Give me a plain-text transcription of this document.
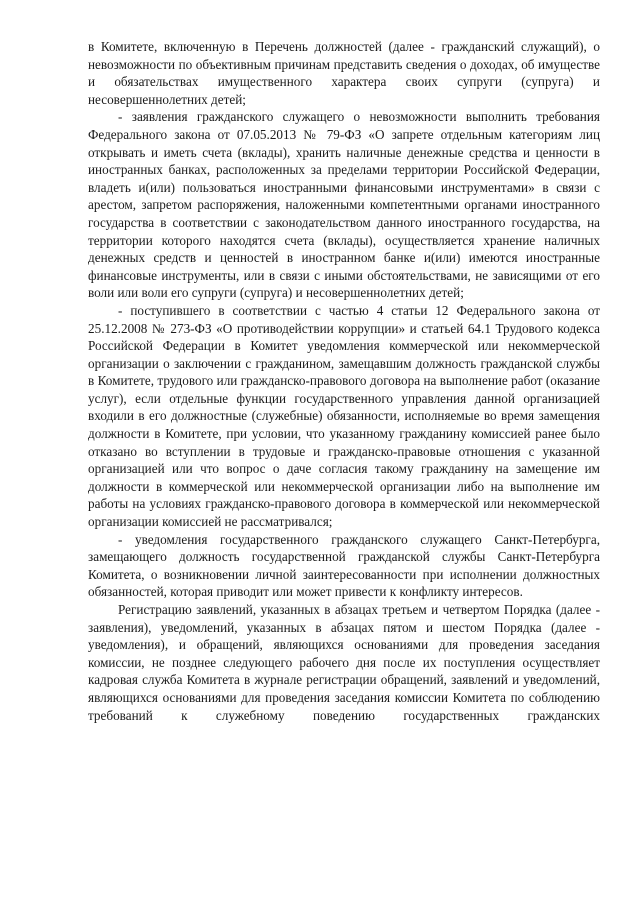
в Комитете, включенную в Перечень должностей (далее - гражданский служащий), о невозможности по объективным причинам представить сведения о доходах, об имуществе и обязательствах имущественного характера своих супруги (супруга) и несовершеннолетних детей;

- заявления гражданского служащего о невозможности выполнить требования Федерального закона от 07.05.2013 № 79-ФЗ «О запрете отдельным категориям лиц открывать и иметь счета (вклады), хранить наличные денежные средства и ценности в иностранных банках, расположенных за пределами территории Российской Федерации, владеть и(или) пользоваться иностранными финансовыми инструментами» в связи с арестом, запретом распоряжения, наложенными компетентными органами иностранного государства в соответствии с законодательством данного иностранного государства, на территории которого находятся счета (вклады), осуществляется хранение наличных денежных средств и ценностей в иностранном банке и(или) имеются иностранные финансовые инструменты, или в связи с иными обстоятельствами, не зависящими от его воли или воли его супруги (супруга) и несовершеннолетних детей;

- поступившего в соответствии с частью 4 статьи 12 Федерального закона от 25.12.2008 № 273-ФЗ «О противодействии коррупции» и статьей 64.1 Трудового кодекса Российской Федерации в Комитет уведомления коммерческой или некоммерческой организации о заключении с гражданином, замещавшим должность гражданской службы в Комитете, трудового или гражданско-правового договора на выполнение работ (оказание услуг), если отдельные функции государственного управления данной организацией входили в его должностные (служебные) обязанности, исполняемые во время замещения должности в Комитете, при условии, что указанному гражданину комиссией ранее было отказано во вступлении в трудовые и гражданско-правовые отношения с указанной организацией или что вопрос о даче согласия такому гражданину на замещение им должности в коммерческой или некоммерческой организации либо на выполнение им работы на условиях гражданско-правового договора в коммерческой или некоммерческой организации комиссией не рассматривался;

- уведомления государственного гражданского служащего Санкт-Петербурга, замещающего должность государственной гражданской службы Санкт-Петербурга Комитета, о возникновении личной заинтересованности при исполнении должностных обязанностей, которая приводит или может привести к конфликту интересов.

Регистрацию заявлений, указанных в абзацах третьем и четвертом Порядка (далее - заявления), уведомлений, указанных в абзацах пятом и шестом Порядка (далее - уведомления), и обращений, являющихся основаниями для проведения заседания комиссии, не позднее следующего рабочего дня после их поступления осуществляет кадровая служба Комитета в журнале регистрации обращений, заявлений и уведомлений, являющихся основаниями для проведения заседания комиссии Комитета по соблюдению требований к служебному поведению государственных гражданских
